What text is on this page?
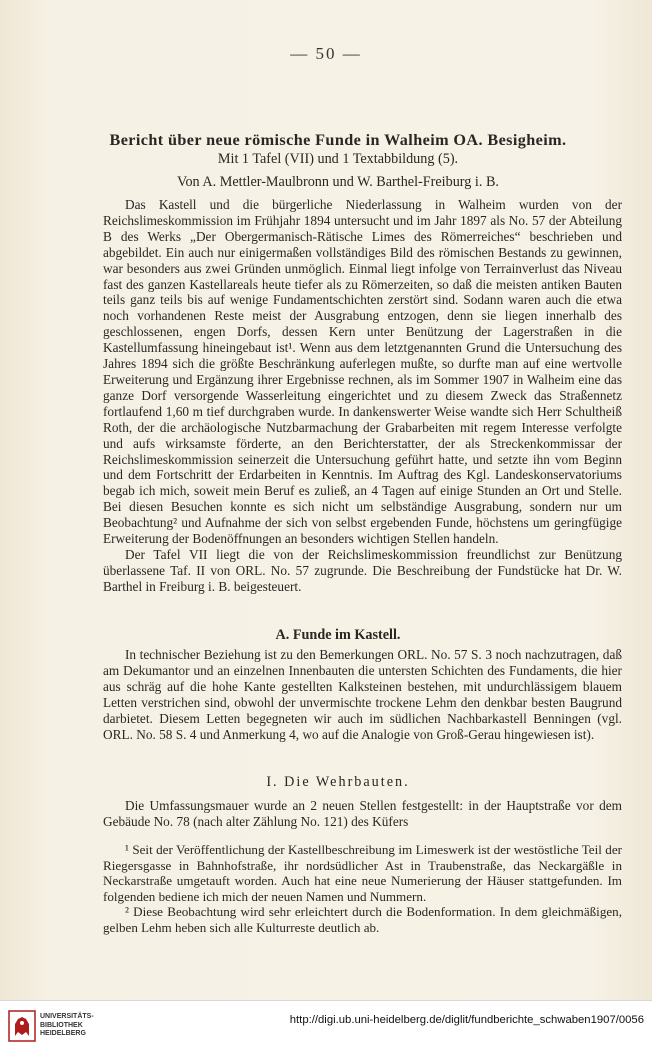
— 50 —
Bericht über neue römische Funde in Walheim OA. Besigheim.
Mit 1 Tafel (VII) und 1 Textabbildung (5).
Von A. Mettler-Maulbronn und W. Barthel-Freiburg i. B.

Das Kastell und die bürgerliche Niederlassung in Walheim wurden von der Reichslimeskommission im Frühjahr 1894 untersucht und im Jahr 1897 als No. 57 der Abteilung B des Werks „Der Obergermanisch-Rätische Limes des Römerreiches“ beschrieben und abgebildet. Ein auch nur einigermaßen vollständiges Bild des römischen Bestands zu gewinnen, war besonders aus zwei Gründen unmöglich. Einmal liegt infolge von Terrainverlust das Niveau fast des ganzen Kastellareals heute tiefer als zu Römerzeiten, so daß die meisten antiken Bauten teils ganz teils bis auf wenige Fundamentschichten zerstört sind. Sodann waren auch die etwa noch vorhandenen Reste meist der Ausgrabung entzogen, denn sie liegen innerhalb des geschlossenen, engen Dorfs, dessen Kern unter Benützung der Lagerstraßen in die Kastellumfassung hineingebaut ist¹. Wenn aus dem letztgenannten Grund die Untersuchung des Jahres 1894 sich die größte Beschränkung auferlegen mußte, so durfte man auf eine wertvolle Erweiterung und Ergänzung ihrer Ergebnisse rechnen, als im Sommer 1907 in Walheim eine das ganze Dorf versorgende Wasserleitung eingerichtet und zu diesem Zweck das Straßennetz fortlaufend 1,60 m tief durchgraben wurde. In dankenswerter Weise wandte sich Herr Schultheiß Roth, der die archäologische Nutzbarmachung der Grabarbeiten mit regem Interesse verfolgte und aufs wirksamste förderte, an den Berichterstatter, der als Streckenkommissar der Reichslimeskommission seinerzeit die Untersuchung geführt hatte, und setzte ihn vom Beginn und dem Fortschritt der Erdarbeiten in Kenntnis. Im Auftrag des Kgl. Landeskonservatoriums begab ich mich, soweit mein Beruf es zuließ, an 4 Tagen auf einige Stunden an Ort und Stelle. Bei diesen Besuchen konnte es sich nicht um selbständige Ausgrabung, sondern nur um Beobachtung² und Aufnahme der sich von selbst ergebenden Funde, höchstens um geringfügige Erweiterung der Bodenöffnungen an besonders wichtigen Stellen handeln.

Der Tafel VII liegt die von der Reichslimeskommission freundlichst zur Benützung überlassene Taf. II von ORL. No. 57 zugrunde. Die Beschreibung der Fundstücke hat Dr. W. Barthel in Freiburg i. B. beigesteuert.

A. Funde im Kastell.

In technischer Beziehung ist zu den Bemerkungen ORL. No. 57 S. 3 noch nachzutragen, daß am Dekumantor und an einzelnen Innenbauten die untersten Schichten des Fundaments, die hier aus schräg auf die hohe Kante gestellten Kalksteinen bestehen, mit undurchlässigem blauem Letten verstrichen sind, obwohl der unvermischte trockene Lehm den denkbar besten Baugrund darbietet. Diesem Letten begegneten wir auch im südlichen Nachbarkastell Benningen (vgl. ORL. No. 58 S. 4 und Anmerkung 4, wo auf die Analogie von Groß-Gerau hingewiesen ist).

I. Die Wehrbauten.

Die Umfassungsmauer wurde an 2 neuen Stellen festgestellt: in der Hauptstraße vor dem Gebäude No. 78 (nach alter Zählung No. 121) des Küfers

¹ Seit der Veröffentlichung der Kastellbeschreibung im Limeswerk ist der westöstliche Teil der Riegersgasse in Bahnhofstraße, ihr nordsüdlicher Ast in Traubenstraße, das Neckargäßle in Neckarstraße umgetauft worden. Auch hat eine neue Numerierung der Häuser stattgefunden. Im folgenden bediene ich mich der neuen Namen und Nummern.

² Diese Beobachtung wird sehr erleichtert durch die Bodenformation. In dem gleichmäßigen, gelben Lehm heben sich alle Kulturreste deutlich ab.

UNIVERSITÄTS-
BIBLIOTHEK
HEIDELBERG
http://digi.ub.uni-heidelberg.de/diglit/fundberichte_schwaben1907/0056
